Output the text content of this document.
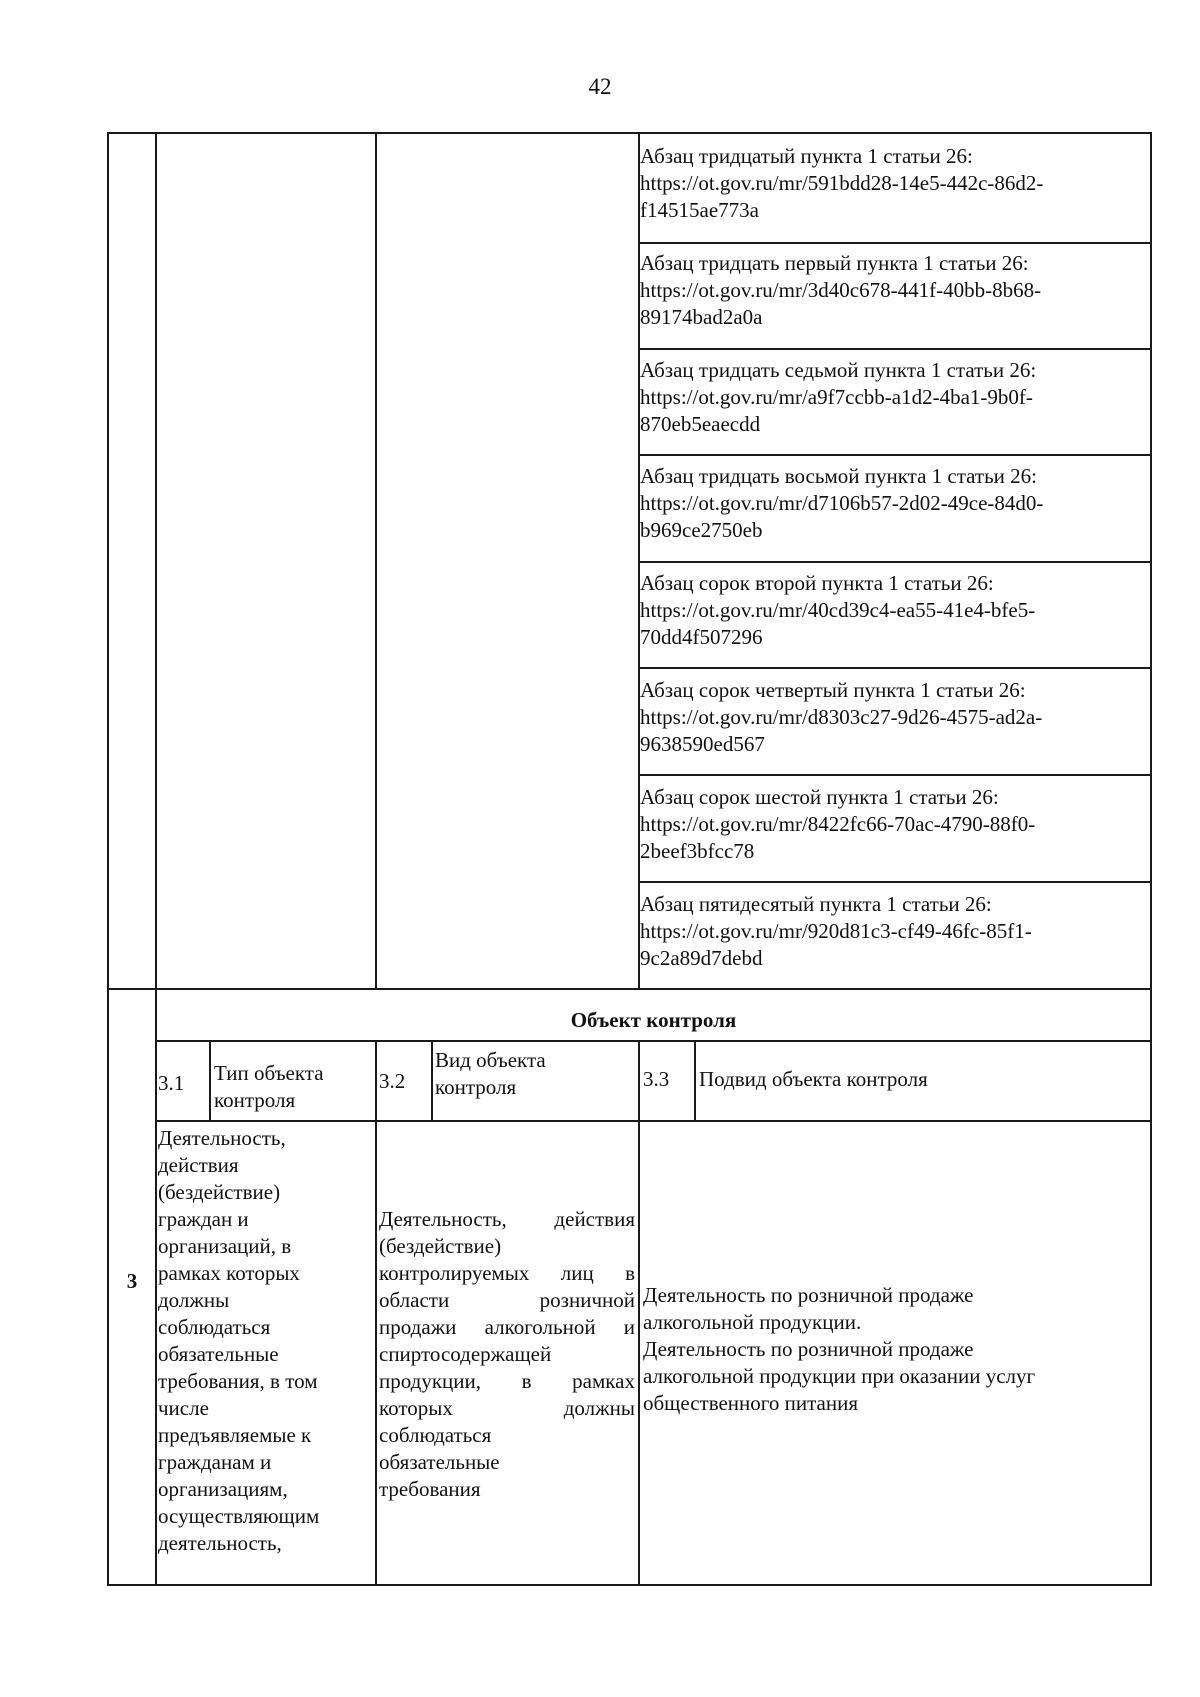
42
Абзац тридцатый пункта 1 статьи 26:
https://ot.gov.ru/mr/591bdd28-14e5-442c-86d2-
f14515ae773a
Абзац тридцать первый пункта 1 статьи 26:
https://ot.gov.ru/mr/3d40c678-441f-40bb-8b68-
89174bad2a0a
Абзац тридцать седьмой пункта 1 статьи 26:
https://ot.gov.ru/mr/a9f7ccbb-a1d2-4ba1-9b0f-
870eb5eaecdd
Абзац тридцать восьмой пункта 1 статьи 26:
https://ot.gov.ru/mr/d7106b57-2d02-49ce-84d0-
b969ce2750eb
Абзац сорок второй пункта 1 статьи 26:
https://ot.gov.ru/mr/40cd39c4-ea55-41e4-bfe5-
70dd4f507296
Абзац сорок четвертый пункта 1 статьи 26:
https://ot.gov.ru/mr/d8303c27-9d26-4575-ad2a-
9638590ed567
Абзац сорок шестой пункта 1 статьи 26:
https://ot.gov.ru/mr/8422fc66-70ac-4790-88f0-
2beef3bfcc78
Абзац пятидесятый пункта 1 статьи 26:
https://ot.gov.ru/mr/920d81c3-cf49-46fc-85f1-
9c2a89d7debd
Объект контроля
3.1 Тип объекта
контроля
3.2
Вид объекта
контроля	3.3 Подвид объекта контроля
3
Деятельность,
действия
(бездействие)
граждан и
организаций, в
рамках которых
должны
соблюдаться
обязательные
требования, в том
числе
предъявляемые к
гражданам и
организациям,
осуществляющим
деятельность,
Деятельность, действия
(бездействие)
контролируемых лиц в
области розничной
продажи алкогольной и
спиртосодержащей
продукции, в рамках
которых должны
соблюдаться
обязательные
требования
Деятельность по розничной продаже
алкогольной продукции.
Деятельность по розничной продаже
алкогольной продукции при оказании услуг
общественного питания
